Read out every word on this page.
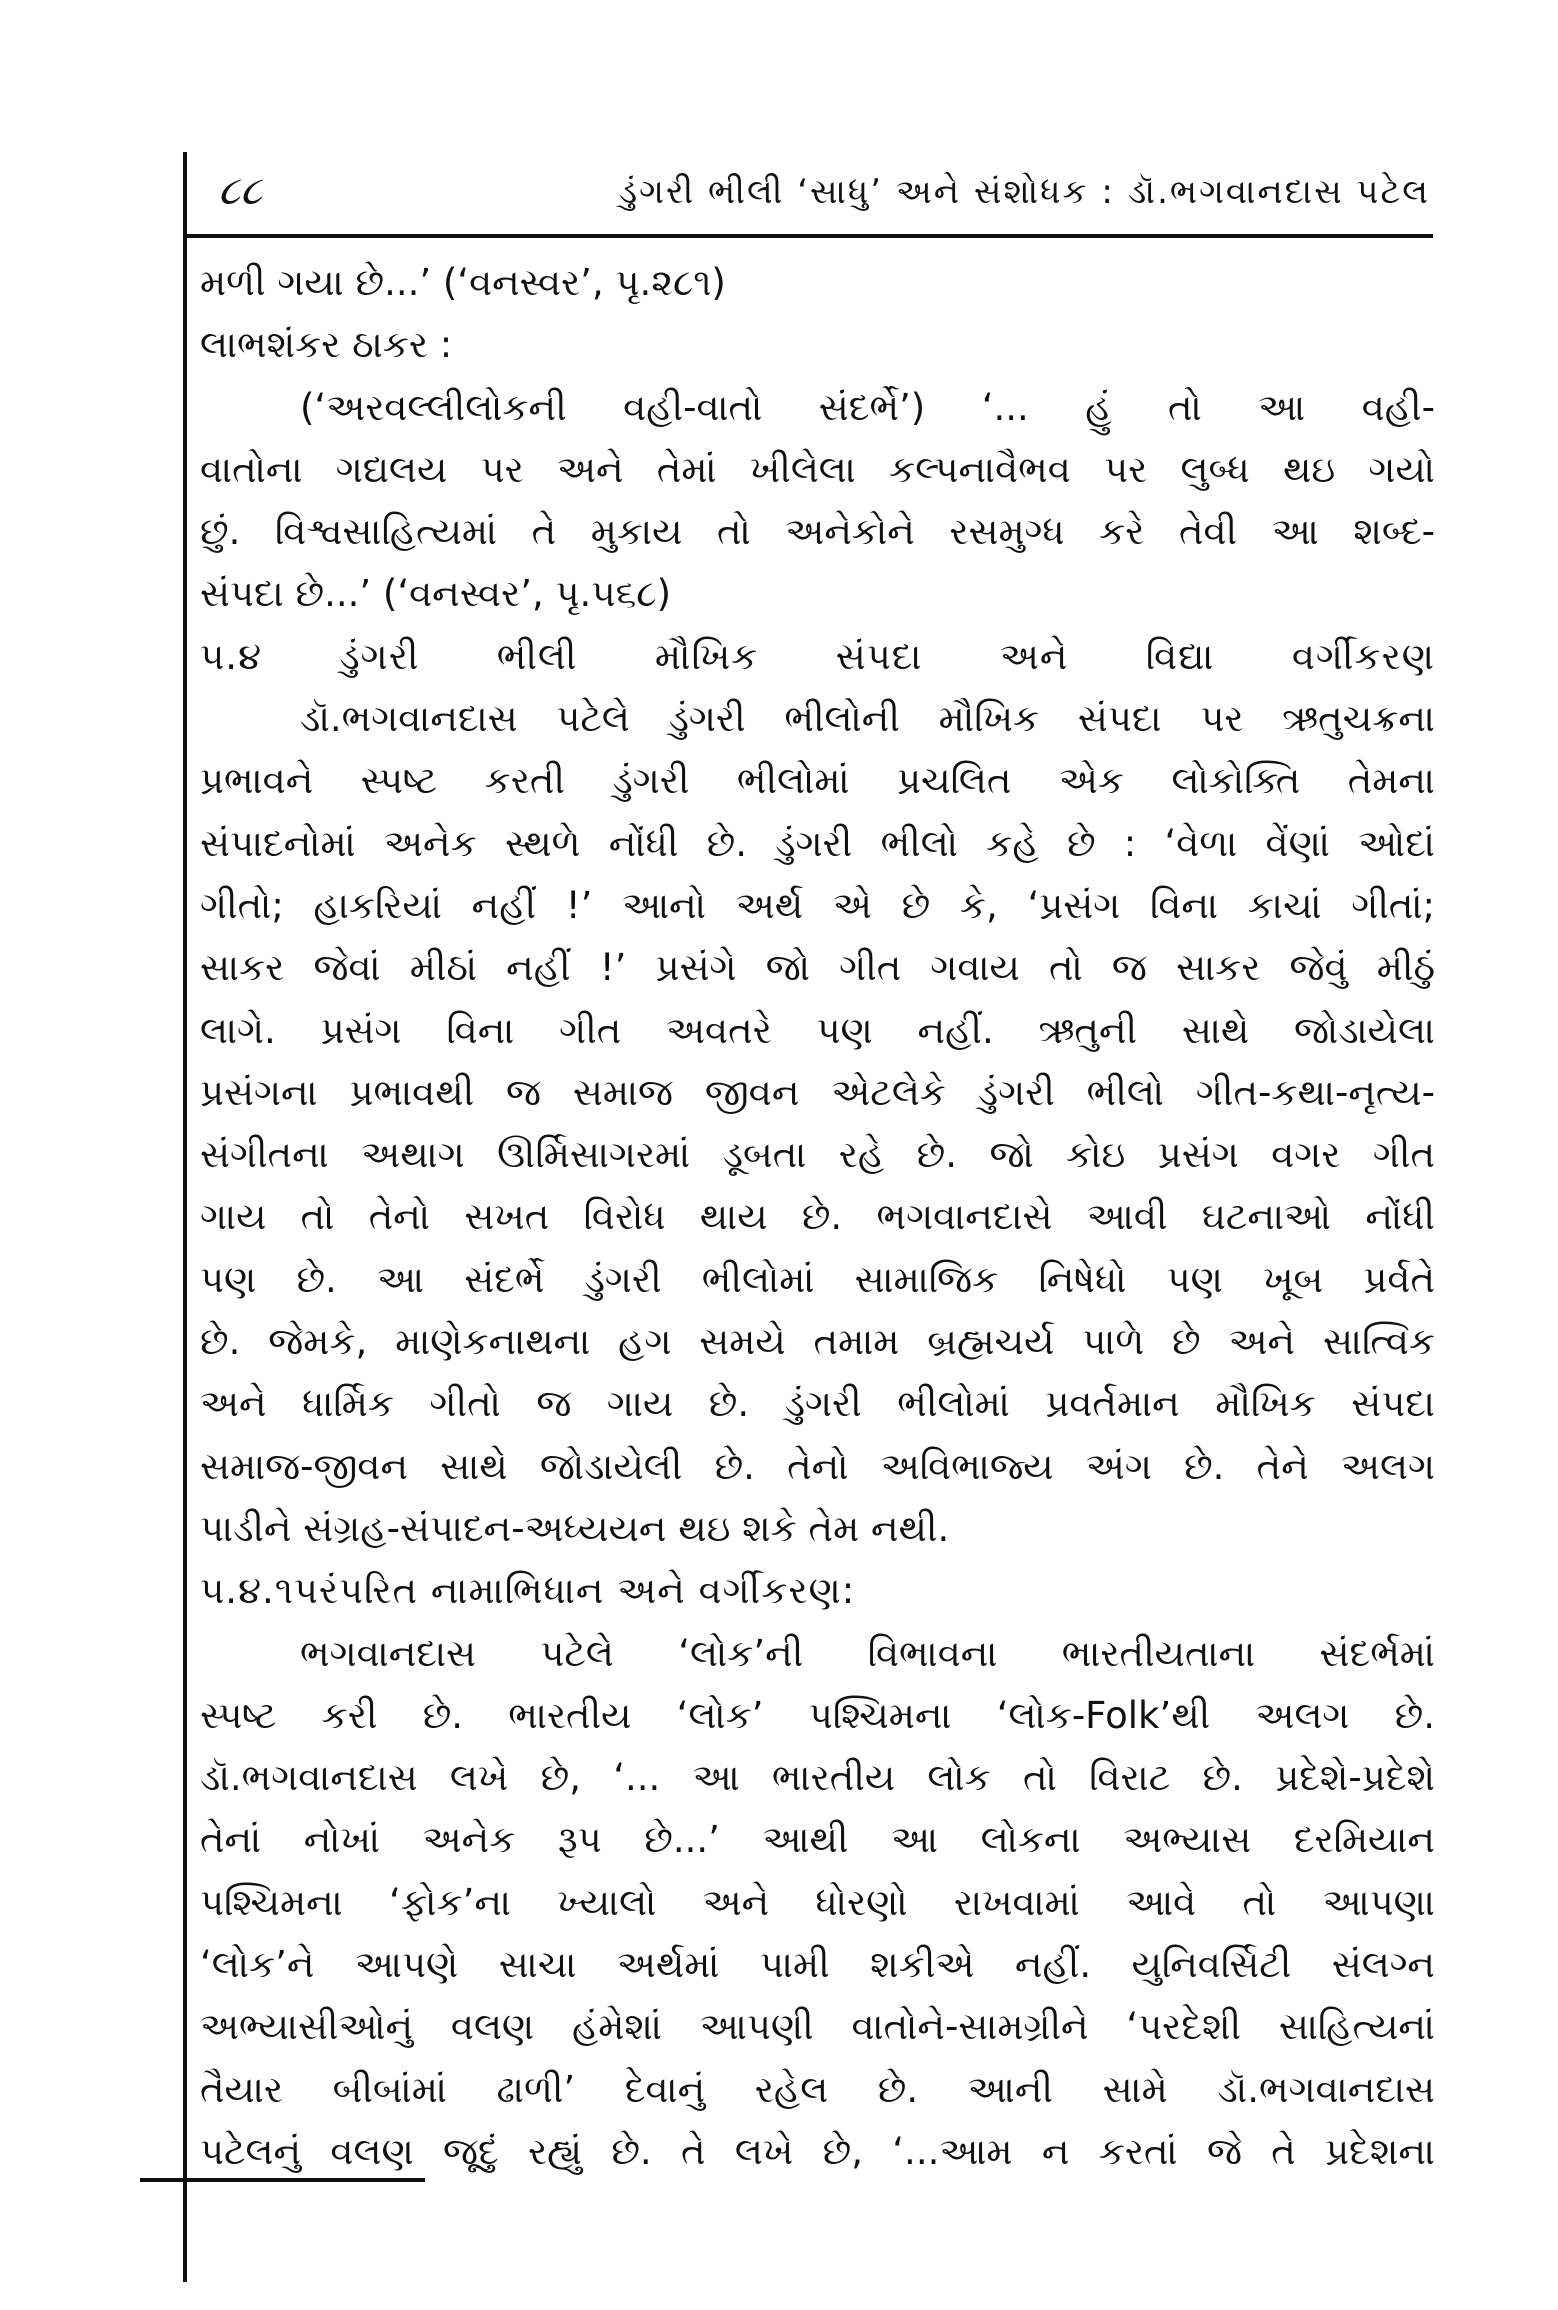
૮૮	ડુંગરી ભીલી ‘સાધુ’ અને સંશોધક : ડૉ.ભગવાનદાસ પટેલ
મળી ગયા છે...’ (‘વનસ્વર’, પૃ.૨૮૧)
લાભશંકર ઠાકર :
(‘અરવલ્લીલોકની વહી-વાતો સંદર્ભે’) ‘... હું તો આ વહી-
વાતોના ગદ્યલય પર અને તેમાં ખીલેલા કલ્પનાવૈભવ પર લુબ્ધ થઇ ગયો
છું. વિશ્વસાહિત્યમાં તે મુકાય તો અનેકોને રસમુગ્ધ કરે તેવી આ શબ્દ-
સંપદા છે...’ (‘વનસ્વર’, પૃ.૫૬૮)
૫.૪ ડુંગરી ભીલી મૌખિક સંપદા અને વિદ્યા વર્ગીકરણ
ડૉ.ભગવાનદાસ પટેલે ડુંગરી ભીલોની મૌખિક સંપદા પર ઋતુચક્રના
પ્રભાવને સ્પષ્ટ કરતી ડુંગરી ભીલોમાં પ્રચલિત એક લોકોક્તિ તેમના
સંપાદનોમાં અનેક સ્થળે નોંધી છે. ડુંગરી ભીલો કહે છે : ‘વેળા વેંણાં ઓદાં
ગીતો; હાકરિયાં નહીં !’ આનો અર્થ એ છે કે, ‘પ્રસંગ વિના કાચાં ગીતાં;
સાકર જેવાં મીઠાં નહીં !’ પ્રસંગે જો ગીત ગવાય તો જ સાકર જેવું મીઠું
લાગે. પ્રસંગ વિના ગીત અવતરે પણ નહીં. ઋતુની સાથે જોડાયેલા
પ્રસંગના પ્રભાવથી જ સમાજ જીવન એટલેકે ડુંગરી ભીલો ગીત-કથા-નૃત્ય-
સંગીતના અથાગ ઊર્મિસાગરમાં ડૂબતા રહે છે. જો કોઇ પ્રસંગ વગર ગીત
ગાય તો તેનો સખત વિરોધ થાય છે. ભગવાનદાસે આવી ઘટનાઓ નોંધી
પણ છે. આ સંદર્ભે ડુંગરી ભીલોમાં સામાજિક નિષેધો પણ ખૂબ પ્રર્વતે
છે. જેમકે, માણેકનાથના હગ સમયે તમામ બ્રહ્મચર્ય પાળે છે અને સાત્વિક
અને ધાર્મિક ગીતો જ ગાય છે. ડુંગરી ભીલોમાં પ્રવર્તમાન મૌખિક સંપદા
સમાજ-જીવન સાથે જોડાયેલી છે. તેનો અવિભાજ્ય અંગ છે. તેને અલગ
પાડીને સંગ્રહ-સંપાદન-અધ્યયન થઇ શકે તેમ નથી.
૫.૪.૧પરંપરિત નામાભિધાન અને વર્ગીકરણ:
ભગવાનદાસ પટેલે ‘લોક’ની વિભાવના ભારતીયતાના સંદર્ભમાં
સ્પષ્ટ કરી છે. ભારતીય ‘લોક’ પશ્ચિમના ‘લોક-Folk’થી અલગ છે.
ડૉ.ભગવાનદાસ લખે છે, ‘... આ ભારતીય લોક તો વિરાટ છે. પ્રદેશે-પ્રદેશે
તેનાં નોખાં અનેક રૂપ છે...’ આથી આ લોકના અભ્યાસ દરમિયાન
પશ્ચિમના ‘ફોક’ના ખ્યાલો અને ધોરણો રાખવામાં આવે તો આપણા
‘લોક’ને આપણે સાચા અર્થમાં પામી શકીએ નહીં. યુનિવર્સિટી સંલગ્ન
અભ્યાસીઓનું વલણ હંમેશાં આપણી વાતોને-સામગ્રીને ‘પરદેશી સાહિત્યનાં
તૈયાર બીબાંમાં ઢાળી’ દેવાનું રહેલ છે. આની સામે ડૉ.ભગવાનદાસ
પટેલનું વલણ જૂદું રહ્યું છે. તે લખે છે, ‘...આમ ન કરતાં જે તે પ્રદેશના
